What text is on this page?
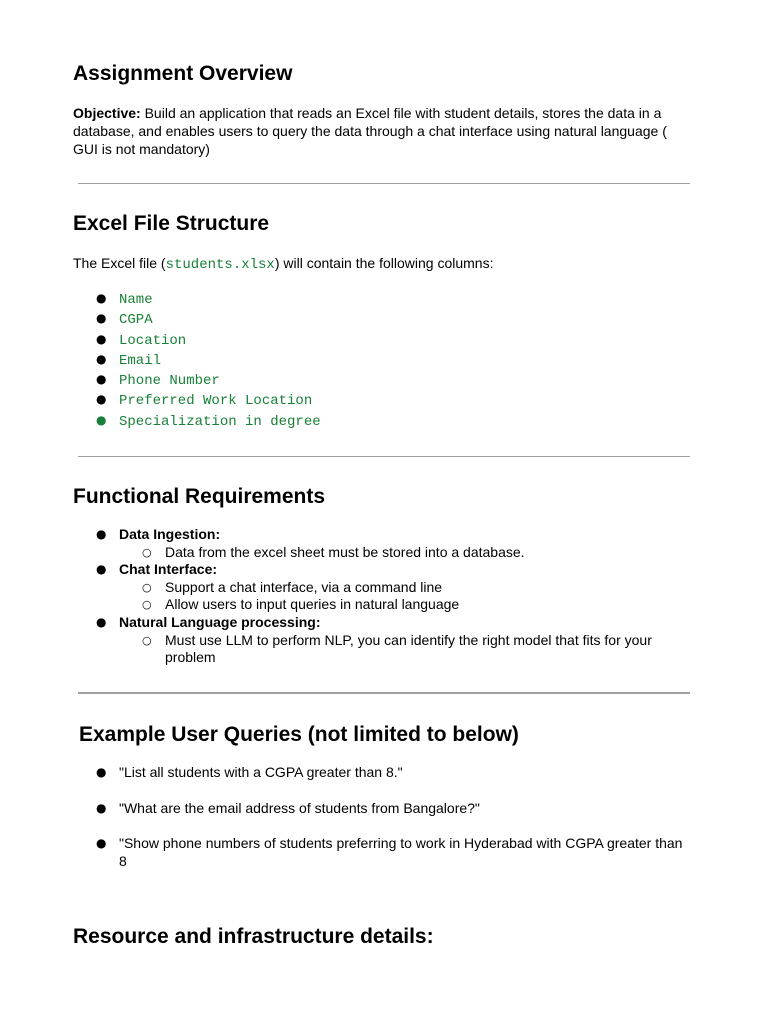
Assignment Overview

Objective: Build an application that reads an Excel file with student details, stores the data in a database, and enables users to query the data through a chat interface using natural language ( GUI is not mandatory)

Excel File Structure

The Excel file (students.xlsx) will contain the following columns:

● Name
● CGPA
● Location
● Email
● Phone Number
● Preferred Work Location
● Specialization in degree
Functional Requirements
● Data Ingestion:
○ Data from the excel sheet must be stored into a database.
● Chat Interface:
○ Support a chat interface, via a command line
○ Allow users to input queries in natural language
● Natural Language processing:
○ Must use LLM to perform NLP, you can identify the right model that fits for your problem
Example User Queries (not limited to below)
● "List all students with a CGPA greater than 8."
● "What are the email address of students from Bangalore?"
● "Show phone numbers of students preferring to work in Hyderabad with CGPA greater than 8
Resource and infrastructure details:
